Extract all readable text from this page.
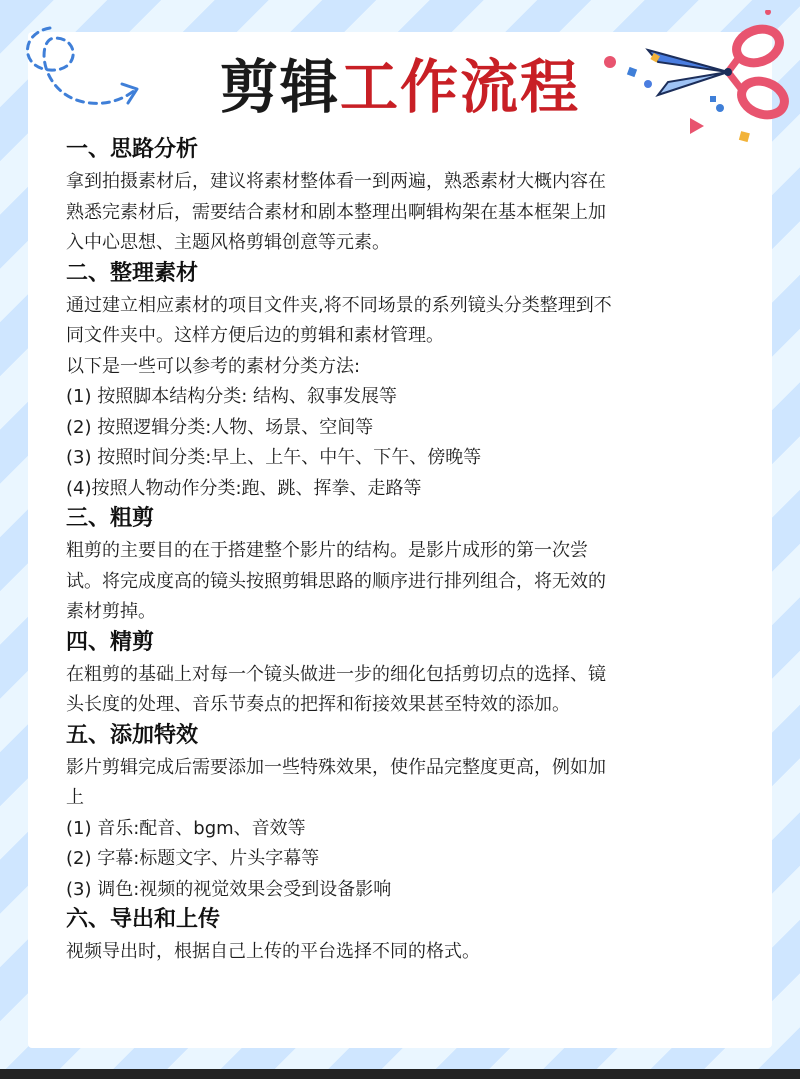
剪辑工作流程

一、思路分析

拿到拍摄素材后，建议将素材整体看一到两遍，熟悉素材大概内容在

熟悉完素材后，需要结合素材和剧本整理出啊辑构架在基本框架上加

入中心思想、主题风格剪辑创意等元素。

二、整理素材

通过建立相应素材的项目文件夹,将不同场景的系列镜头分类整理到不

同文件夹中。这样方便后边的剪辑和素材管理。

以下是一些可以参考的素材分类方法:

(1) 按照脚本结构分类: 结构、叙事发展等

(2) 按照逻辑分类:人物、场景、空间等

(3) 按照时间分类:早上、上午、中午、下午、傍晚等

(4)按照人物动作分类:跑、跳、挥拳、走路等

三、粗剪

粗剪的主要目的在于搭建整个影片的结构。是影片成形的第一次尝

试。将完成度高的镜头按照剪辑思路的顺序进行排列组合，将无效的

素材剪掉。

四、精剪

在粗剪的基础上对每一个镜头做进一步的细化包括剪切点的选择、镜

头长度的处理、音乐节奏点的把挥和衔接效果甚至特效的添加。

五、添加特效

影片剪辑完成后需要添加一些特殊效果，使作品完整度更高，例如加

上

(1) 音乐:配音、bgm、音效等

(2) 字幕:标题文字、片头字幕等

(3) 调色:视频的视觉效果会受到设备影响

六、导出和上传

视频导出时，根据自己上传的平台选择不同的格式。
